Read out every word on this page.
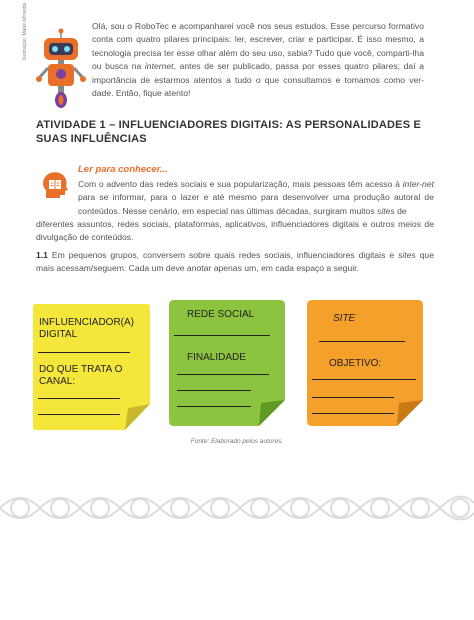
Ilustração: Malko Miranda	Olá, sou o RoboTec e acompanharei você nos seus estudos. Esse percurso formativo conta com quatro pilares principais: ler, escrever, criar e participar. É isso mesmo, a tecnologia precisa ter esse olhar além do seu uso, sabia? Tudo que você, comparti-lha ou busca na internet, antes de ser publicado, passa por esses quatro pilares; daí a importância de estarmos atentos a tudo o que consultamos e tomamos como ver-dade. Então, fique atento!
ATIVIDADE 1 – INFLUENCIADORES DIGITAIS: AS PERSONALIDADES E SUAS INFLUÊNCIAS
Ler para conhecer...
Com o advento das redes sociais e sua popularização, mais pessoas têm acesso à inter-net para se informar, para o lazer e até mesmo para desenvolver uma produção autoral de conteúdos. Nesse cenário, em especial nas últimas décadas, surgiram muitos sites de
diferentes assuntos, redes sociais, plataformas, aplicativos, influenciadores digitais e outros meios de divulgação de conteúdos.
1.1 Em pequenos grupos, conversem sobre quais redes sociais, influenciadores digitais e sites que mais acessam/seguem. Cada um deve anotar apenas um, em cada espaço a seguir.
INFLUENCIADOR(A) DIGITAL
DO QUE TRATA O CANAL:
REDE SOCIAL
FINALIDADE
SITE
OBJETIVO:
Fonte: Elaborado pelos autores.
